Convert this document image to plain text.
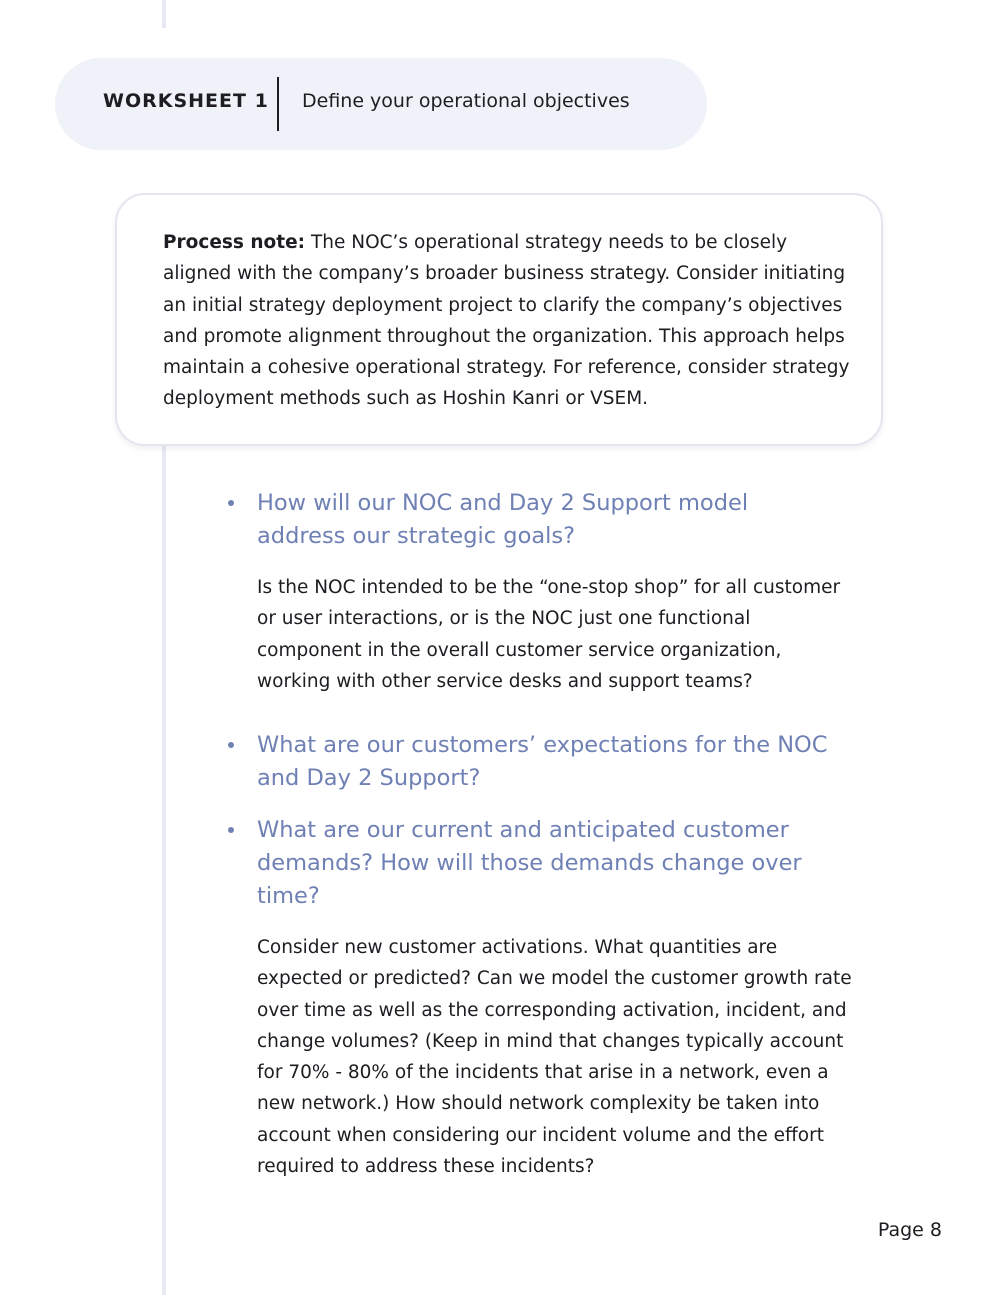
WORKSHEET 1 Define your operational objectives

Process note: The NOC’s operational strategy needs to be closely aligned with the company’s broader business strategy. Consider initiating an initial strategy deployment project to clarify the company’s objectives and promote alignment throughout the organization. This approach helps maintain a cohesive operational strategy. For reference, consider strategy deployment methods such as Hoshin Kanri or VSEM.

How will our NOC and Day 2 Support model address our strategic goals?

Is the NOC intended to be the “one-stop shop” for all customer or user interactions, or is the NOC just one functional component in the overall customer service organization, working with other service desks and support teams?

What are our customers’ expectations for the NOC and Day 2 Support?

What are our current and anticipated customer demands? How will those demands change over time?

Consider new customer activations. What quantities are expected or predicted? Can we model the customer growth rate over time as well as the corresponding activation, incident, and change volumes? (Keep in mind that changes typically account for 70% - 80% of the incidents that arise in a network, even a new network.) How should network complexity be taken into account when considering our incident volume and the effort required to address these incidents?

Page 8
